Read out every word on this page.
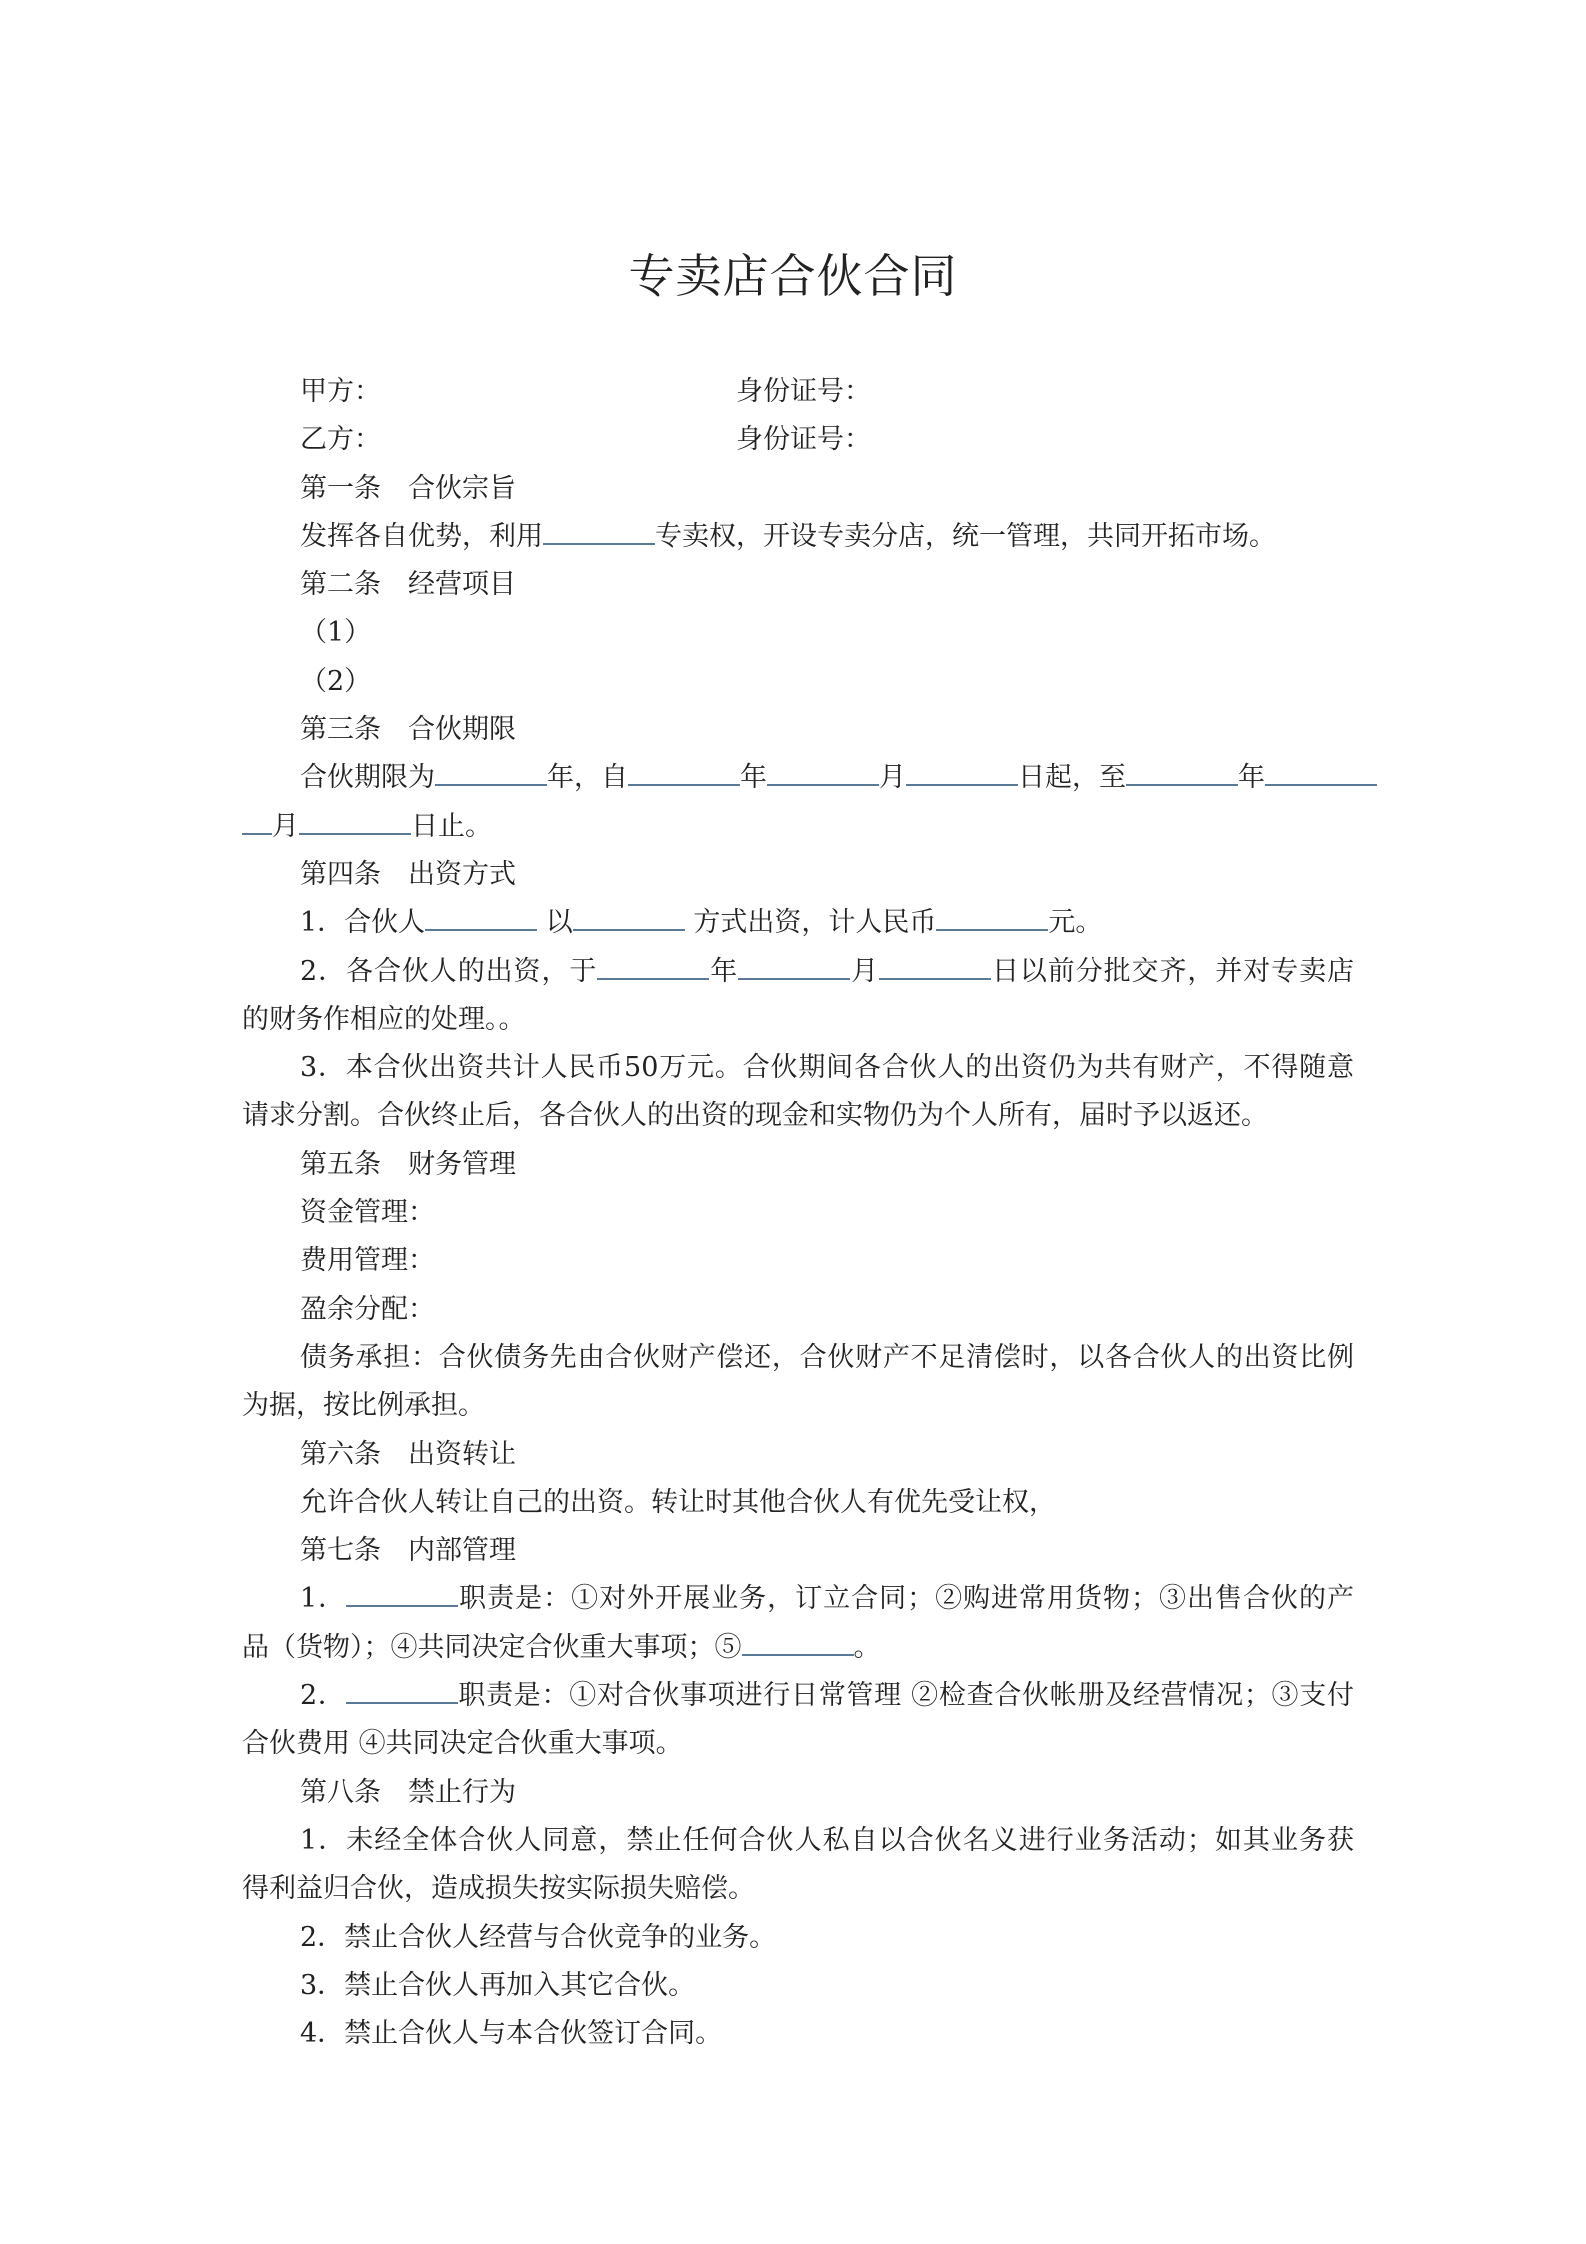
专卖店合伙合同
甲方：	身份证号：
乙方：	身份证号：
第一条　合伙宗旨
发挥各自优势，利用	专卖权，开设专卖分店，统一管理，共同开拓市场。
第二条　经营项目
（1）
（2）
第三条　合伙期限
合伙期限为	年，自	年	月	日起，至	年
月	日止。
第四条　出资方式
1．合伙人	以	方式出资，计人民币	元。
2．各合伙人的出资，于	年	月	日以前分批交齐，并对专卖店
的财务作相应的处理。。
3．本合伙出资共计人民币50万元。合伙期间各合伙人的出资仍为共有财产，不得随意
请求分割。合伙终止后，各合伙人的出资的现金和实物仍为个人所有，届时予以返还。
第五条　财务管理
资金管理：
费用管理：
盈余分配：
债务承担：合伙债务先由合伙财产偿还，合伙财产不足清偿时，以各合伙人的出资比例
为据，按比例承担。
第六条　出资转让
允许合伙人转让自己的出资。转让时其他合伙人有优先受让权，
第七条　内部管理
1．	职责是：①对外开展业务，订立合同；②购进常用货物；③出售合伙的产
品（货物）；④共同决定合伙重大事项；⑤	。
2．	职责是：①对合伙事项进行日常管理 ②检查合伙帐册及经营情况；③支付
合伙费用 ④共同决定合伙重大事项。
第八条　禁止行为
1．未经全体合伙人同意，禁止任何合伙人私自以合伙名义进行业务活动；如其业务获
得利益归合伙，造成损失按实际损失赔偿。
2．禁止合伙人经营与合伙竞争的业务。
3．禁止合伙人再加入其它合伙。
4．禁止合伙人与本合伙签订合同。
